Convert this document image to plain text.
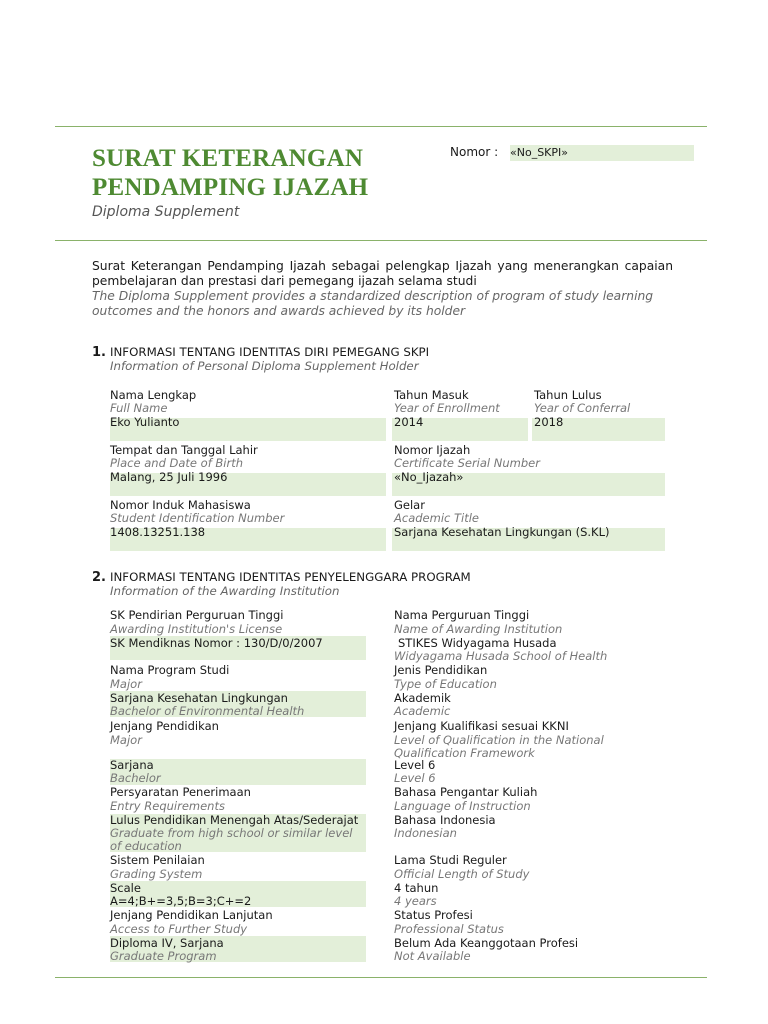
SURAT KETERANGAN
PENDAMPING IJAZAH
Diploma Supplement
Nomor : «No_SKPI»
Surat Keterangan Pendamping Ijazah sebagai pelengkap Ijazah yang menerangkan capaian pembelajaran dan prestasi dari pemegang ijazah selama studi
The Diploma Supplement provides a standardized description of program of study learning outcomes and the honors and awards achieved by its holder
1. INFORMASI TENTANG IDENTITAS DIRI PEMEGANG SKPI
Information of Personal Diploma Supplement Holder
Nama Lengkap
Full Name
Eko Yulianto
Tahun Masuk
Year of Enrollment
2014
Tahun Lulus
Year of Conferral
2018
Tempat dan Tanggal Lahir
Place and Date of Birth
Malang, 25 Juli 1996
Nomor Ijazah
Certificate Serial Number
«No_Ijazah»
Nomor Induk Mahasiswa
Student Identification Number
1408.13251.138
Gelar
Academic Title
Sarjana Kesehatan Lingkungan (S.KL)
2. INFORMASI TENTANG IDENTITAS PENYELENGGARA PROGRAM
Information of the Awarding Institution
SK Pendirian Perguruan Tinggi
Awarding Institution's License
SK Mendiknas Nomor : 130/D/0/2007
Nama Program Studi
Major
Sarjana Kesehatan Lingkungan
Bachelor of Environmental Health
Jenjang Pendidikan
Major
Sarjana
Bachelor
Persyaratan Penerimaan
Entry Requirements
Lulus Pendidikan Menengah Atas/Sederajat
Graduate from high school or similar level of education
Sistem Penilaian
Grading System
Scale
A=4;B+=3,5;B=3;C+=2
Jenjang Pendidikan Lanjutan
Access to Further Study
Diploma IV, Sarjana
Graduate Program
Nama Perguruan Tinggi
Name of Awarding Institution
STIKES Widyagama Husada
Widyagama Husada School of Health
Jenis Pendidikan
Type of Education
Akademik
Academic
Jenjang Kualifikasi sesuai KKNI
Level of Qualification in the National Qualification Framework
Level 6
Level 6
Bahasa Pengantar Kuliah
Language of Instruction
Bahasa Indonesia
Indonesian
Lama Studi Reguler
Official Length of Study
4 tahun
4 years
Status Profesi
Professional Status
Belum Ada Keanggotaan Profesi
Not Available
